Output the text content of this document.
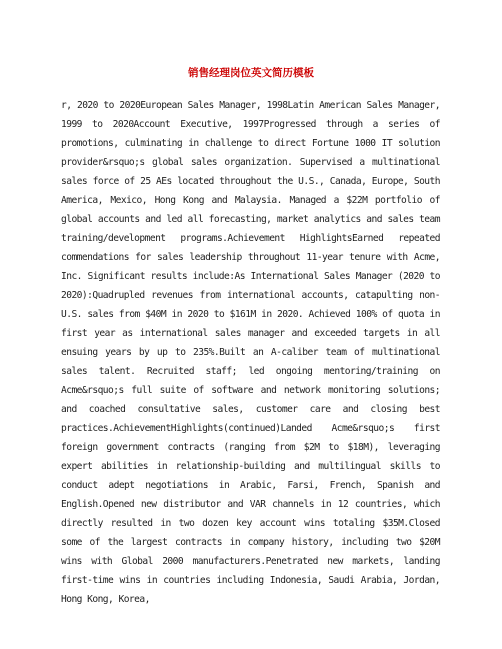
销售经理岗位英文简历模板

r, 2020 to 2020European Sales Manager, 1998Latin American Sales Manager, 1999 to 2020Account Executive, 1997Progressed through a series of promotions, culminating in challenge to direct Fortune 1000 IT solution provider&rsquo;s global sales organization. Supervised a multinational sales force of 25 AEs located throughout the U.S., Canada, Europe, South America, Mexico, Hong Kong and Malaysia. Managed a $22M portfolio of global accounts and led all forecasting, market analytics and sales team training/development programs.Achievement HighlightsEarned repeated commendations for sales leadership throughout 11-year tenure with Acme, Inc. Significant results include:As International Sales Manager (2020 to 2020):Quadrupled revenues from international accounts, catapulting non-U.S. sales from $40M in 2020 to $161M in 2020. Achieved 100% of quota in first year as international sales manager and exceeded targets in all ensuing years by up to 235%.Built an A-caliber team of multinational sales talent. Recruited staff; led ongoing mentoring/training on Acme&rsquo;s full suite of software and network monitoring solutions; and coached consultative sales, customer care and closing best practices.AchievementHighlights(continued)Landed Acme&rsquo;s first foreign government contracts (ranging from $2M to $18M), leveraging expert abilities in relationship-building and multilingual skills to conduct adept negotiations in Arabic, Farsi, French, Spanish and English.Opened new distributor and VAR channels in 12 countries, which directly resulted in two dozen key account wins totaling $35M.Closed some of the largest contracts in company history, including two $20M wins with Global 2000 manufacturers.Penetrated new markets, landing first-time wins in countries including Indonesia, Saudi Arabia, Jordan, Hong Kong, Korea,
